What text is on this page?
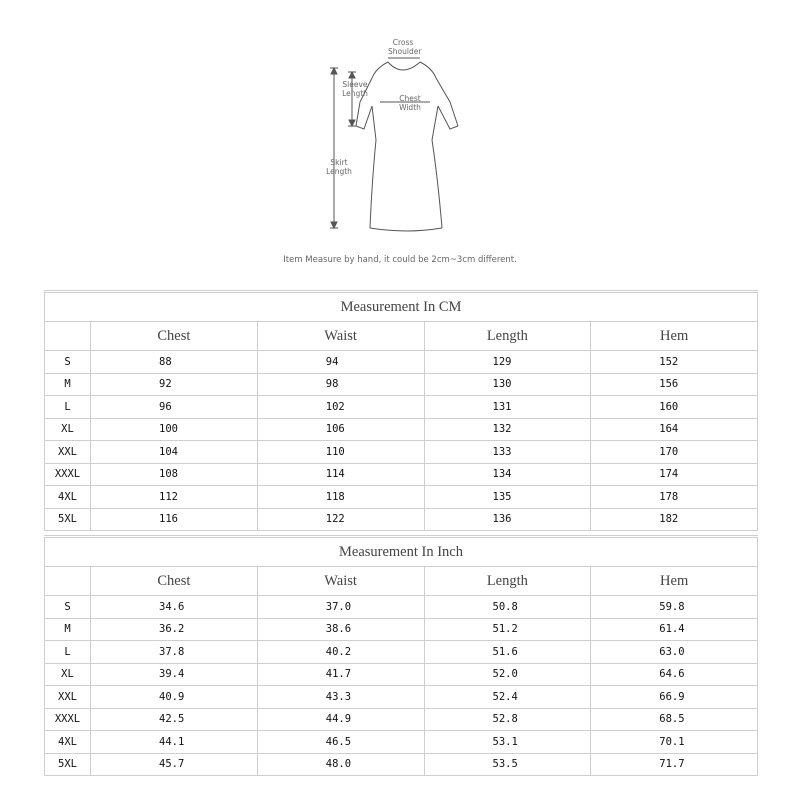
Cross
Shoulder
Sleeve
Length
Chest
Width
Skirt
Length
Item Measure by hand, it could be 2cm~3cm different.
Measurement In CM				
	Chest	Waist	Length	Hem
S	88	94	129	152
M	92	98	130	156
L	96	102	131	160
XL	100	106	132	164
XXL	104	110	133	170
XXXL	108	114	134	174
4XL	112	118	135	178
5XL	116	122	136	182
Measurement In Inch				
	Chest	Waist	Length	Hem
S	34.6	37.0	50.8	59.8
M	36.2	38.6	51.2	61.4
L	37.8	40.2	51.6	63.0
XL	39.4	41.7	52.0	64.6
XXL	40.9	43.3	52.4	66.9
XXXL	42.5	44.9	52.8	68.5
4XL	44.1	46.5	53.1	70.1
5XL	45.7	48.0	53.5	71.7
